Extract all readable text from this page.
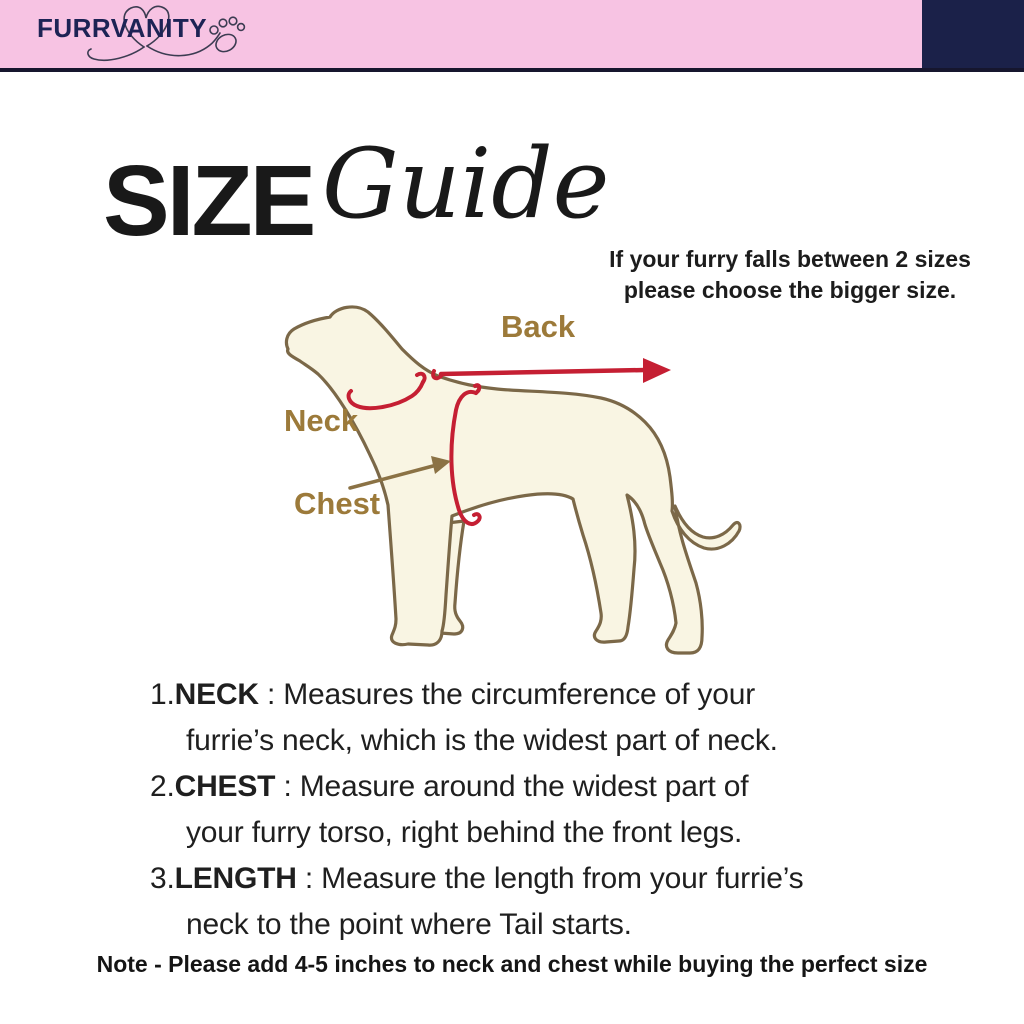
FURRVANITY
SIZE Guide
If your furry falls between 2 sizes
please choose the bigger size.
Back
Neck
Chest
1.NECK : Measures the circumference of your
furrie’s neck, which is the widest part of neck.
2.CHEST : Measure around the widest part of
your furry torso, right behind the front legs.
3.LENGTH : Measure the length from your furrie’s
neck to the point where Tail starts.
Note - Please add 4-5 inches to neck and chest while buying the perfect size
